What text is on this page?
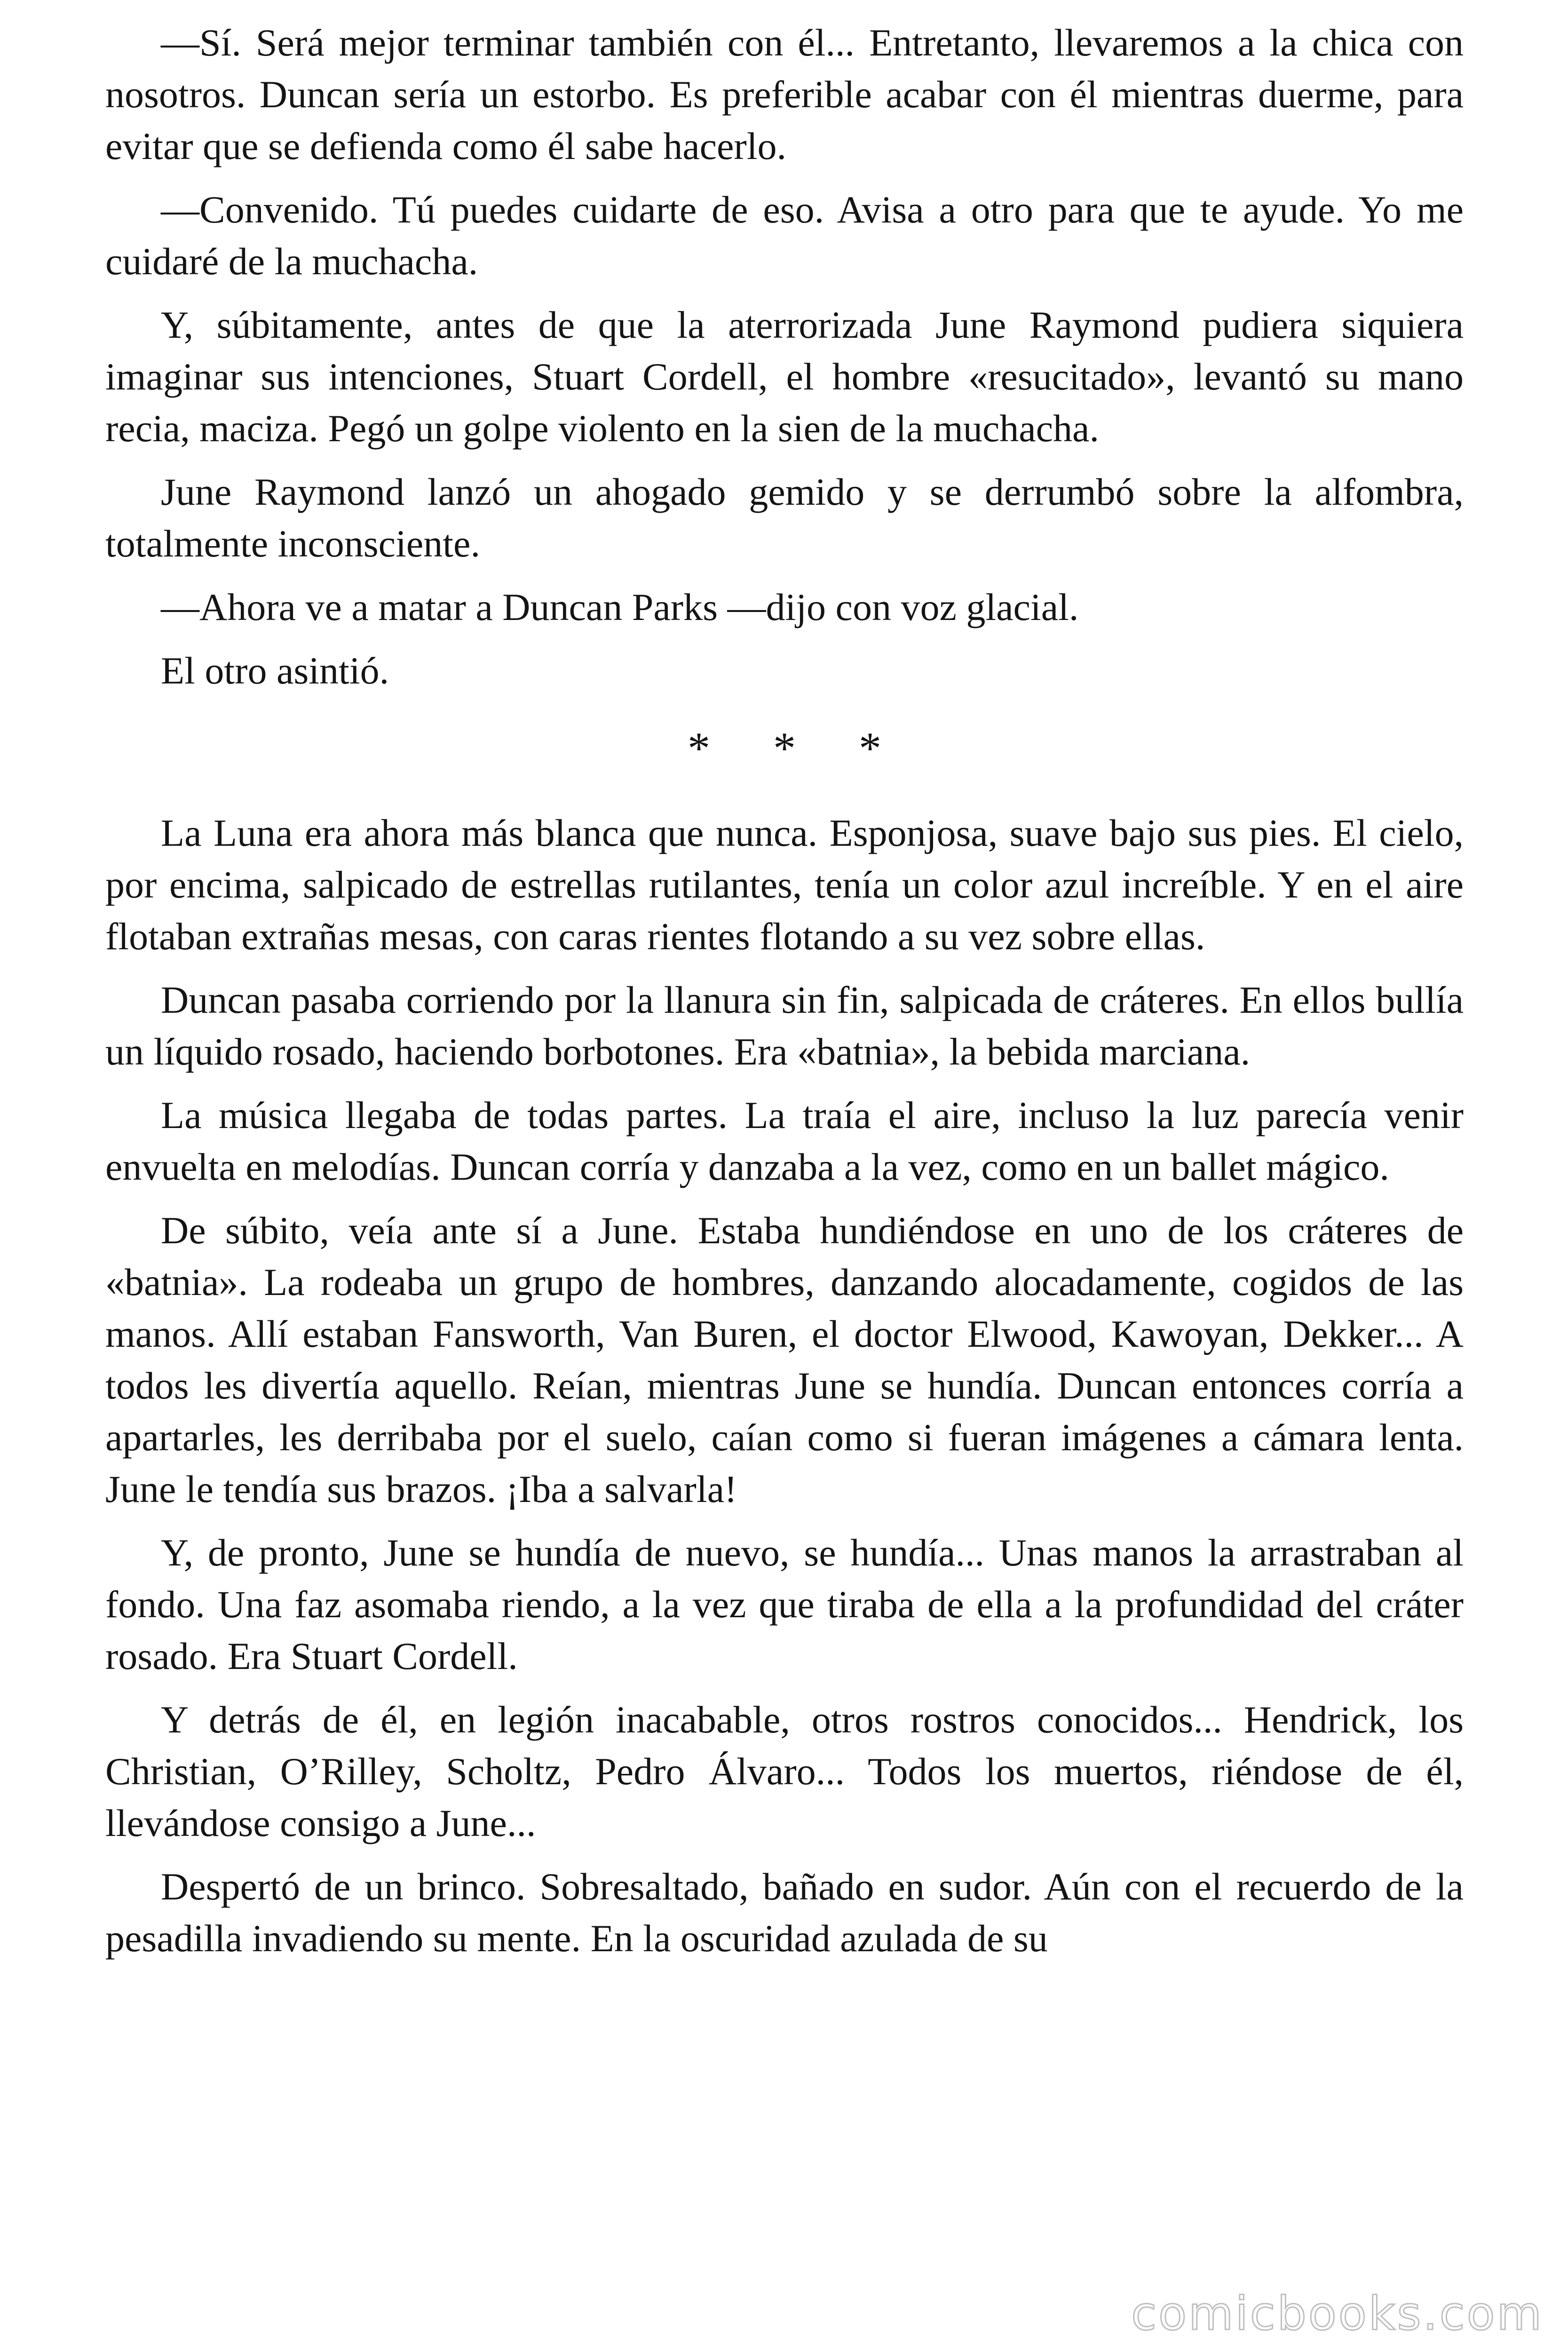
—Sí. Será mejor terminar también con él... Entretanto, llevaremos a la chica con nosotros. Duncan sería un estorbo. Es preferible acabar con él mientras duerme, para evitar que se defienda como él sabe hacerlo.

—Convenido. Tú puedes cuidarte de eso. Avisa a otro para que te ayude. Yo me cuidaré de la muchacha.

Y, súbitamente, antes de que la aterrorizada June Raymond pudiera siquiera imaginar sus intenciones, Stuart Cordell, el hombre «resucitado», levantó su mano recia, maciza. Pegó un golpe violento en la sien de la muchacha.

June Raymond lanzó un ahogado gemido y se derrumbó sobre la alfombra, totalmente inconsciente.

—Ahora ve a matar a Duncan Parks —dijo con voz glacial.

El otro asintió.

* * *

La Luna era ahora más blanca que nunca. Esponjosa, suave bajo sus pies. El cielo, por encima, salpicado de estrellas rutilantes, tenía un color azul increíble. Y en el aire flotaban extrañas mesas, con caras rientes flotando a su vez sobre ellas.

Duncan pasaba corriendo por la llanura sin fin, salpicada de cráteres. En ellos bullía un líquido rosado, haciendo borbotones. Era «batnia», la bebida marciana.

La música llegaba de todas partes. La traía el aire, incluso la luz parecía venir envuelta en melodías. Duncan corría y danzaba a la vez, como en un ballet mágico.

De súbito, veía ante sí a June. Estaba hundiéndose en uno de los cráteres de «batnia». La rodeaba un grupo de hombres, danzando alocadamente, cogidos de las manos. Allí estaban Fansworth, Van Buren, el doctor Elwood, Kawoyan, Dekker... A todos les divertía aquello. Reían, mientras June se hundía. Duncan entonces corría a apartarles, les derribaba por el suelo, caían como si fueran imágenes a cámara lenta. June le tendía sus brazos. ¡Iba a salvarla!

Y, de pronto, June se hundía de nuevo, se hundía... Unas manos la arrastraban al fondo. Una faz asomaba riendo, a la vez que tiraba de ella a la profundidad del cráter rosado. Era Stuart Cordell.

Y detrás de él, en legión inacabable, otros rostros conocidos... Hendrick, los Christian, O’Rilley, Scholtz, Pedro Álvaro... Todos los muertos, riéndose de él, llevándose consigo a June...

Despertó de un brinco. Sobresaltado, bañado en sudor. Aún con el recuerdo de la pesadilla invadiendo su mente. En la oscuridad azulada de su

comicbooks.com
